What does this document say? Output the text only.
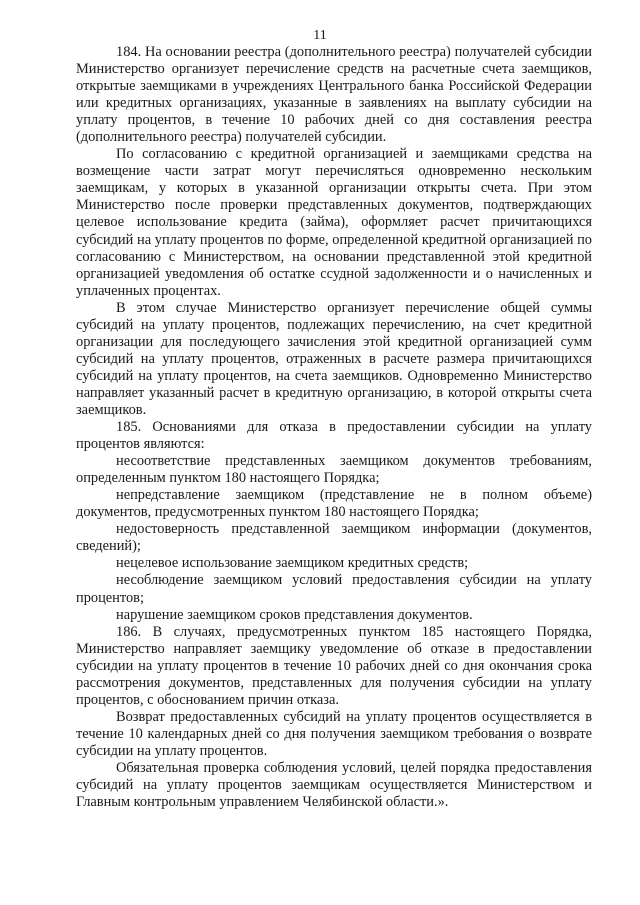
11

184. На основании реестра (дополнительного реестра) получателей субсидии Министерство организует перечисление средств на расчетные счета заемщиков, открытые заемщиками в учреждениях Центрального банка Российской Федерации или кредитных организациях, указанные в заявлениях на выплату субсидии на уплату процентов, в течение 10 рабочих дней со дня составления реестра (дополнительного реестра) получателей субсидии.

По согласованию с кредитной организацией и заемщиками средства на возмещение части затрат могут перечисляться одновременно нескольким заемщикам, у которых в указанной организации открыты счета. При этом Министерство после проверки представленных документов, подтверждающих целевое использование кредита (займа), оформляет расчет причитающихся субсидий на уплату процентов по форме, определенной кредитной организацией по согласованию с Министерством, на основании представленной этой кредитной организацией уведомления об остатке ссудной задолженности и о начисленных и уплаченных процентах.

В этом случае Министерство организует перечисление общей суммы субсидий на уплату процентов, подлежащих перечислению, на счет кредитной организации для последующего зачисления этой кредитной организацией сумм субсидий на уплату процентов, отраженных в расчете размера причитающихся субсидий на уплату процентов, на счета заемщиков. Одновременно Министерство направляет указанный расчет в кредитную организацию, в которой открыты счета заемщиков.

185. Основаниями для отказа в предоставлении субсидии на уплату процентов являются:

несоответствие представленных заемщиком документов требованиям, определенным пунктом 180 настоящего Порядка;

непредставление заемщиком (представление не в полном объеме) документов, предусмотренных пунктом 180 настоящего Порядка;

недостоверность представленной заемщиком информации (документов, сведений);

нецелевое использование заемщиком кредитных средств;

несоблюдение заемщиком условий предоставления субсидии на уплату процентов;

нарушение заемщиком сроков представления документов.

186. В случаях, предусмотренных пунктом 185 настоящего Порядка, Министерство направляет заемщику уведомление об отказе в предоставлении субсидии на уплату процентов в течение 10 рабочих дней со дня окончания срока рассмотрения документов, представленных для получения субсидии на уплату процентов, с обоснованием причин отказа.

Возврат предоставленных субсидий на уплату процентов осуществляется в течение 10 календарных дней со дня получения заемщиком требования о возврате субсидии на уплату процентов.

Обязательная проверка соблюдения условий, целей порядка предоставления субсидий на уплату процентов заемщикам осуществляется Министерством и Главным контрольным управлением Челябинской области.».
